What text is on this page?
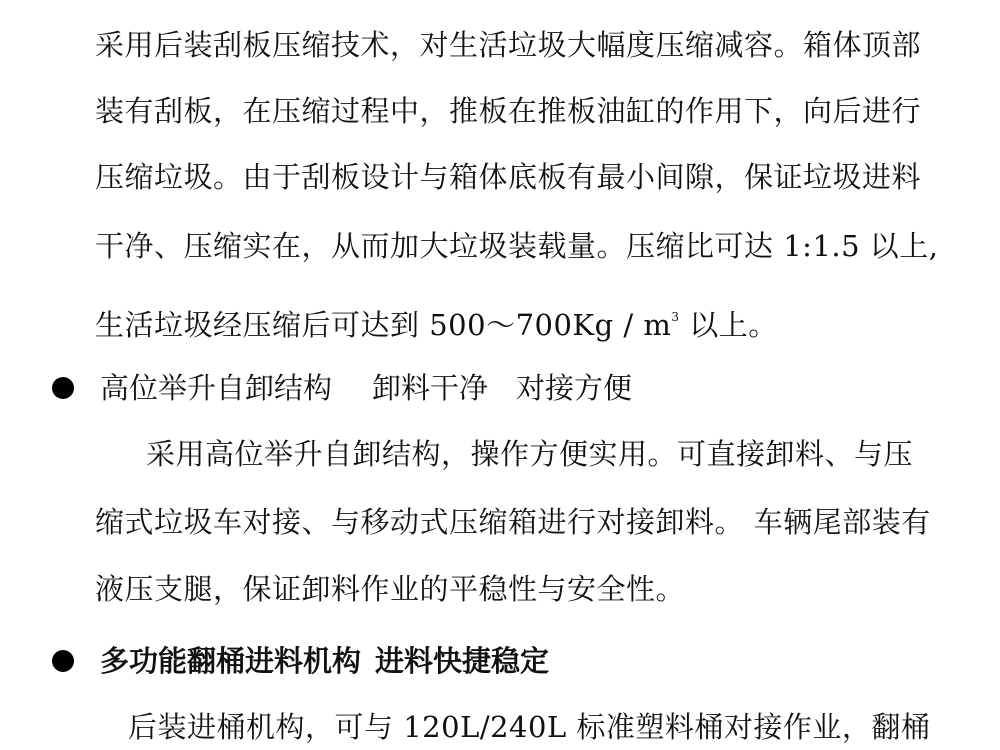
采用后装刮板压缩技术，对生活垃圾大幅度压缩减容。箱体顶部
装有刮板，在压缩过程中，推板在推板油缸的作用下，向后进行
压缩垃圾。由于刮板设计与箱体底板有最小间隙，保证垃圾进料
干净、压缩实在，从而加大垃圾装载量。压缩比可达 1:1.5 以上,
生活垃圾经压缩后可达到 500～700Kg / $m^3$ 以上。
高位举升自卸结构 卸料干净 对接方便
采用高位举升自卸结构，操作方便实用。可直接卸料、与压
缩式垃圾车对接、与移动式压缩箱进行对接卸料。 车辆尾部装有
液压支腿，保证卸料作业的平稳性与安全性。
多功能翻桶进料机构 进料快捷稳定
后装进桶机构，可与 120L/240L 标准塑料桶对接作业，翻桶
